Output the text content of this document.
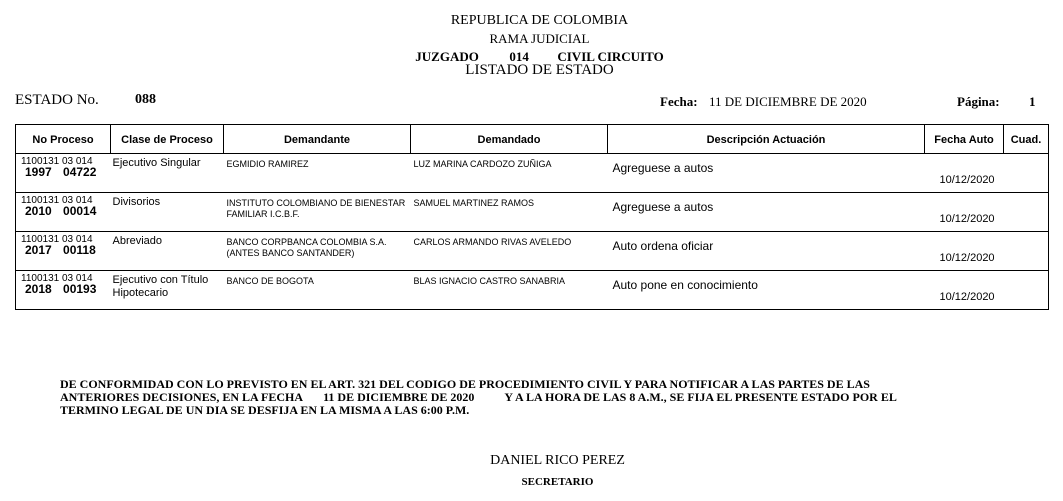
REPUBLICA DE COLOMBIA
RAMA JUDICIAL
JUZGADO 014 CIVIL CIRCUITO
LISTADO DE ESTADO
ESTADO No.	088	Fecha: 11 DE DICIEMBRE DE 2020	Página: 1
No Proceso	Clase de Proceso	Demandante	Demandado	Descripción Actuación	Fecha Auto	Cuad.

1100131 03 014
1997 04722	Ejecutivo Singular	EGMIDIO RAMIREZ	LUZ MARINA CARDOZO ZUÑIGA	Agreguese a autos	10/12/2020	

1100131 03 014
2010 00014	Divisorios	INSTITUTO COLOMBIANO DE BIENESTAR FAMILIAR I.C.B.F.	SAMUEL MARTINEZ RAMOS	Agreguese a autos	10/12/2020	

1100131 03 014
2017 00118	Abreviado	BANCO CORPBANCA COLOMBIA S.A. (ANTES BANCO SANTANDER)	CARLOS ARMANDO RIVAS AVELEDO	Auto ordena oficiar	10/12/2020	

1100131 03 014
2018 00193	Ejecutivo con Título Hipotecario	BANCO DE BOGOTA	BLAS IGNACIO CASTRO SANABRIA	Auto pone en conocimiento	10/12/2020	
DE CONFORMIDAD CON LO PREVISTO EN EL ART. 321 DEL CODIGO DE PROCEDIMIENTO CIVIL Y PARA NOTIFICAR A LAS PARTES DE LAS
ANTERIORES DECISIONES, EN LA FECHA 11 DE DICIEMBRE DE 2020	Y A LA HORA DE LAS 8 A.M., SE FIJA EL PRESENTE ESTADO POR EL
TERMINO LEGAL DE UN DIA SE DESFIJA EN LA MISMA A LAS 6:00 P.M.
DANIEL RICO PEREZ
SECRETARIO
